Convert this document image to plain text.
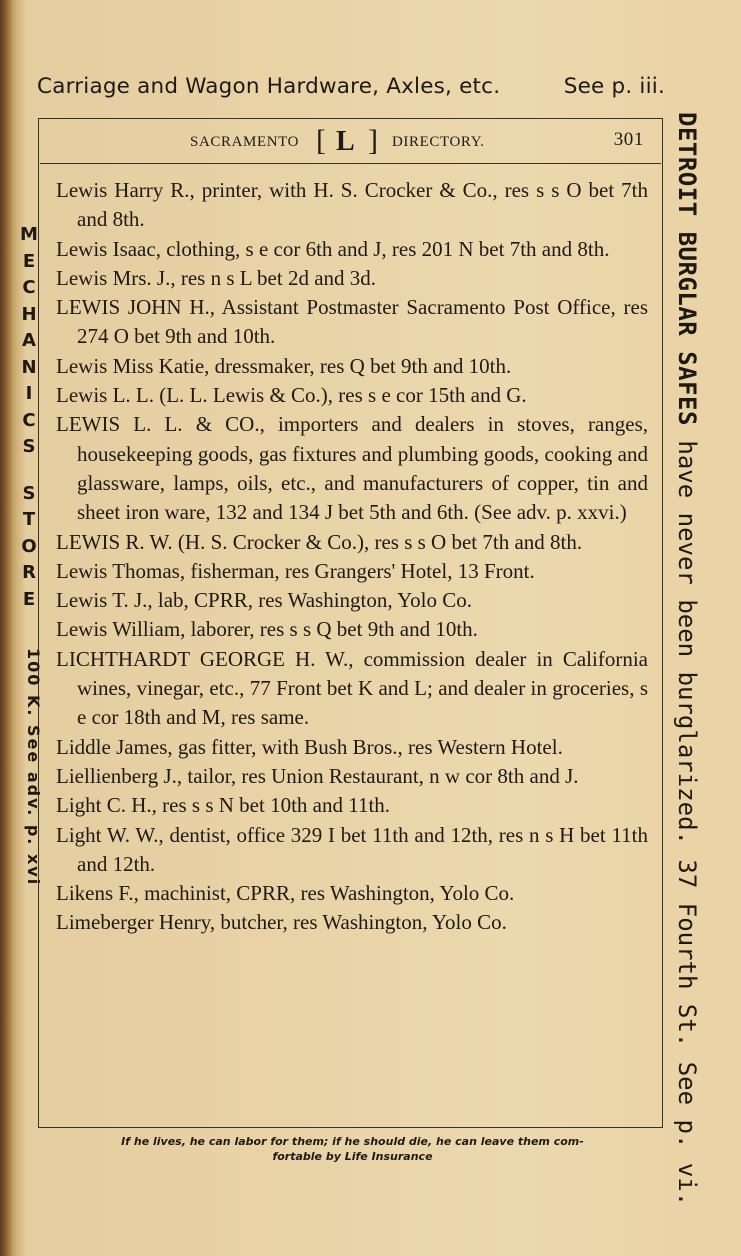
Carriage and Wagon Hardware, Axles, etc.	See p. iii.
SACRAMENTO [ L ] DIRECTORY.	301

Lewis Harry R., printer, with H. S. Crocker & Co., res s s O bet 7th and 8th.

Lewis Isaac, clothing, s e cor 6th and J, res 201 N bet 7th and 8th.

Lewis Mrs. J., res n s L bet 2d and 3d.

LEWIS JOHN H., Assistant Postmaster Sacramento Post Office, res 274 O bet 9th and 10th.

Lewis Miss Katie, dressmaker, res Q bet 9th and 10th.

Lewis L. L. (L. L. Lewis & Co.), res s e cor 15th and G.

LEWIS L. L. & CO., importers and dealers in stoves, ranges, housekeeping goods, gas fixtures and plumbing goods, cooking and glassware, lamps, oils, etc., and manufacturers of copper, tin and sheet iron ware, 132 and 134 J bet 5th and 6th. (See adv. p. xxvi.)

LEWIS R. W. (H. S. Crocker & Co.), res s s O bet 7th and 8th.

Lewis Thomas, fisherman, res Grangers' Hotel, 13 Front.

Lewis T. J., lab, CPRR, res Washington, Yolo Co.

Lewis William, laborer, res s s Q bet 9th and 10th.

LICHTHARDT GEORGE H. W., commission dealer in California wines, vinegar, etc., 77 Front bet K and L; and dealer in groceries, s e cor 18th and M, res same.

Liddle James, gas fitter, with Bush Bros., res Western Hotel.

Liellienberg J., tailor, res Union Restaurant, n w cor 8th and J.

Light C. H., res s s N bet 10th and 11th.

Light W. W., dentist, office 329 I bet 11th and 12th, res n s H bet 11th and 12th.

Likens F., machinist, CPRR, res Washington, Yolo Co.

Limeberger Henry, butcher, res Washington, Yolo Co.

If he lives, he can labor for them; if he should die, he can leave them com-
fortable by Life Insurance
M
E
C
H
A
N
I
C
S
S
T
O
R
E
100 K. See adv. p. xvi
DETROIT BURGLAR SAFES have never been burglarized. 37 Fourth St. See p. vi.
